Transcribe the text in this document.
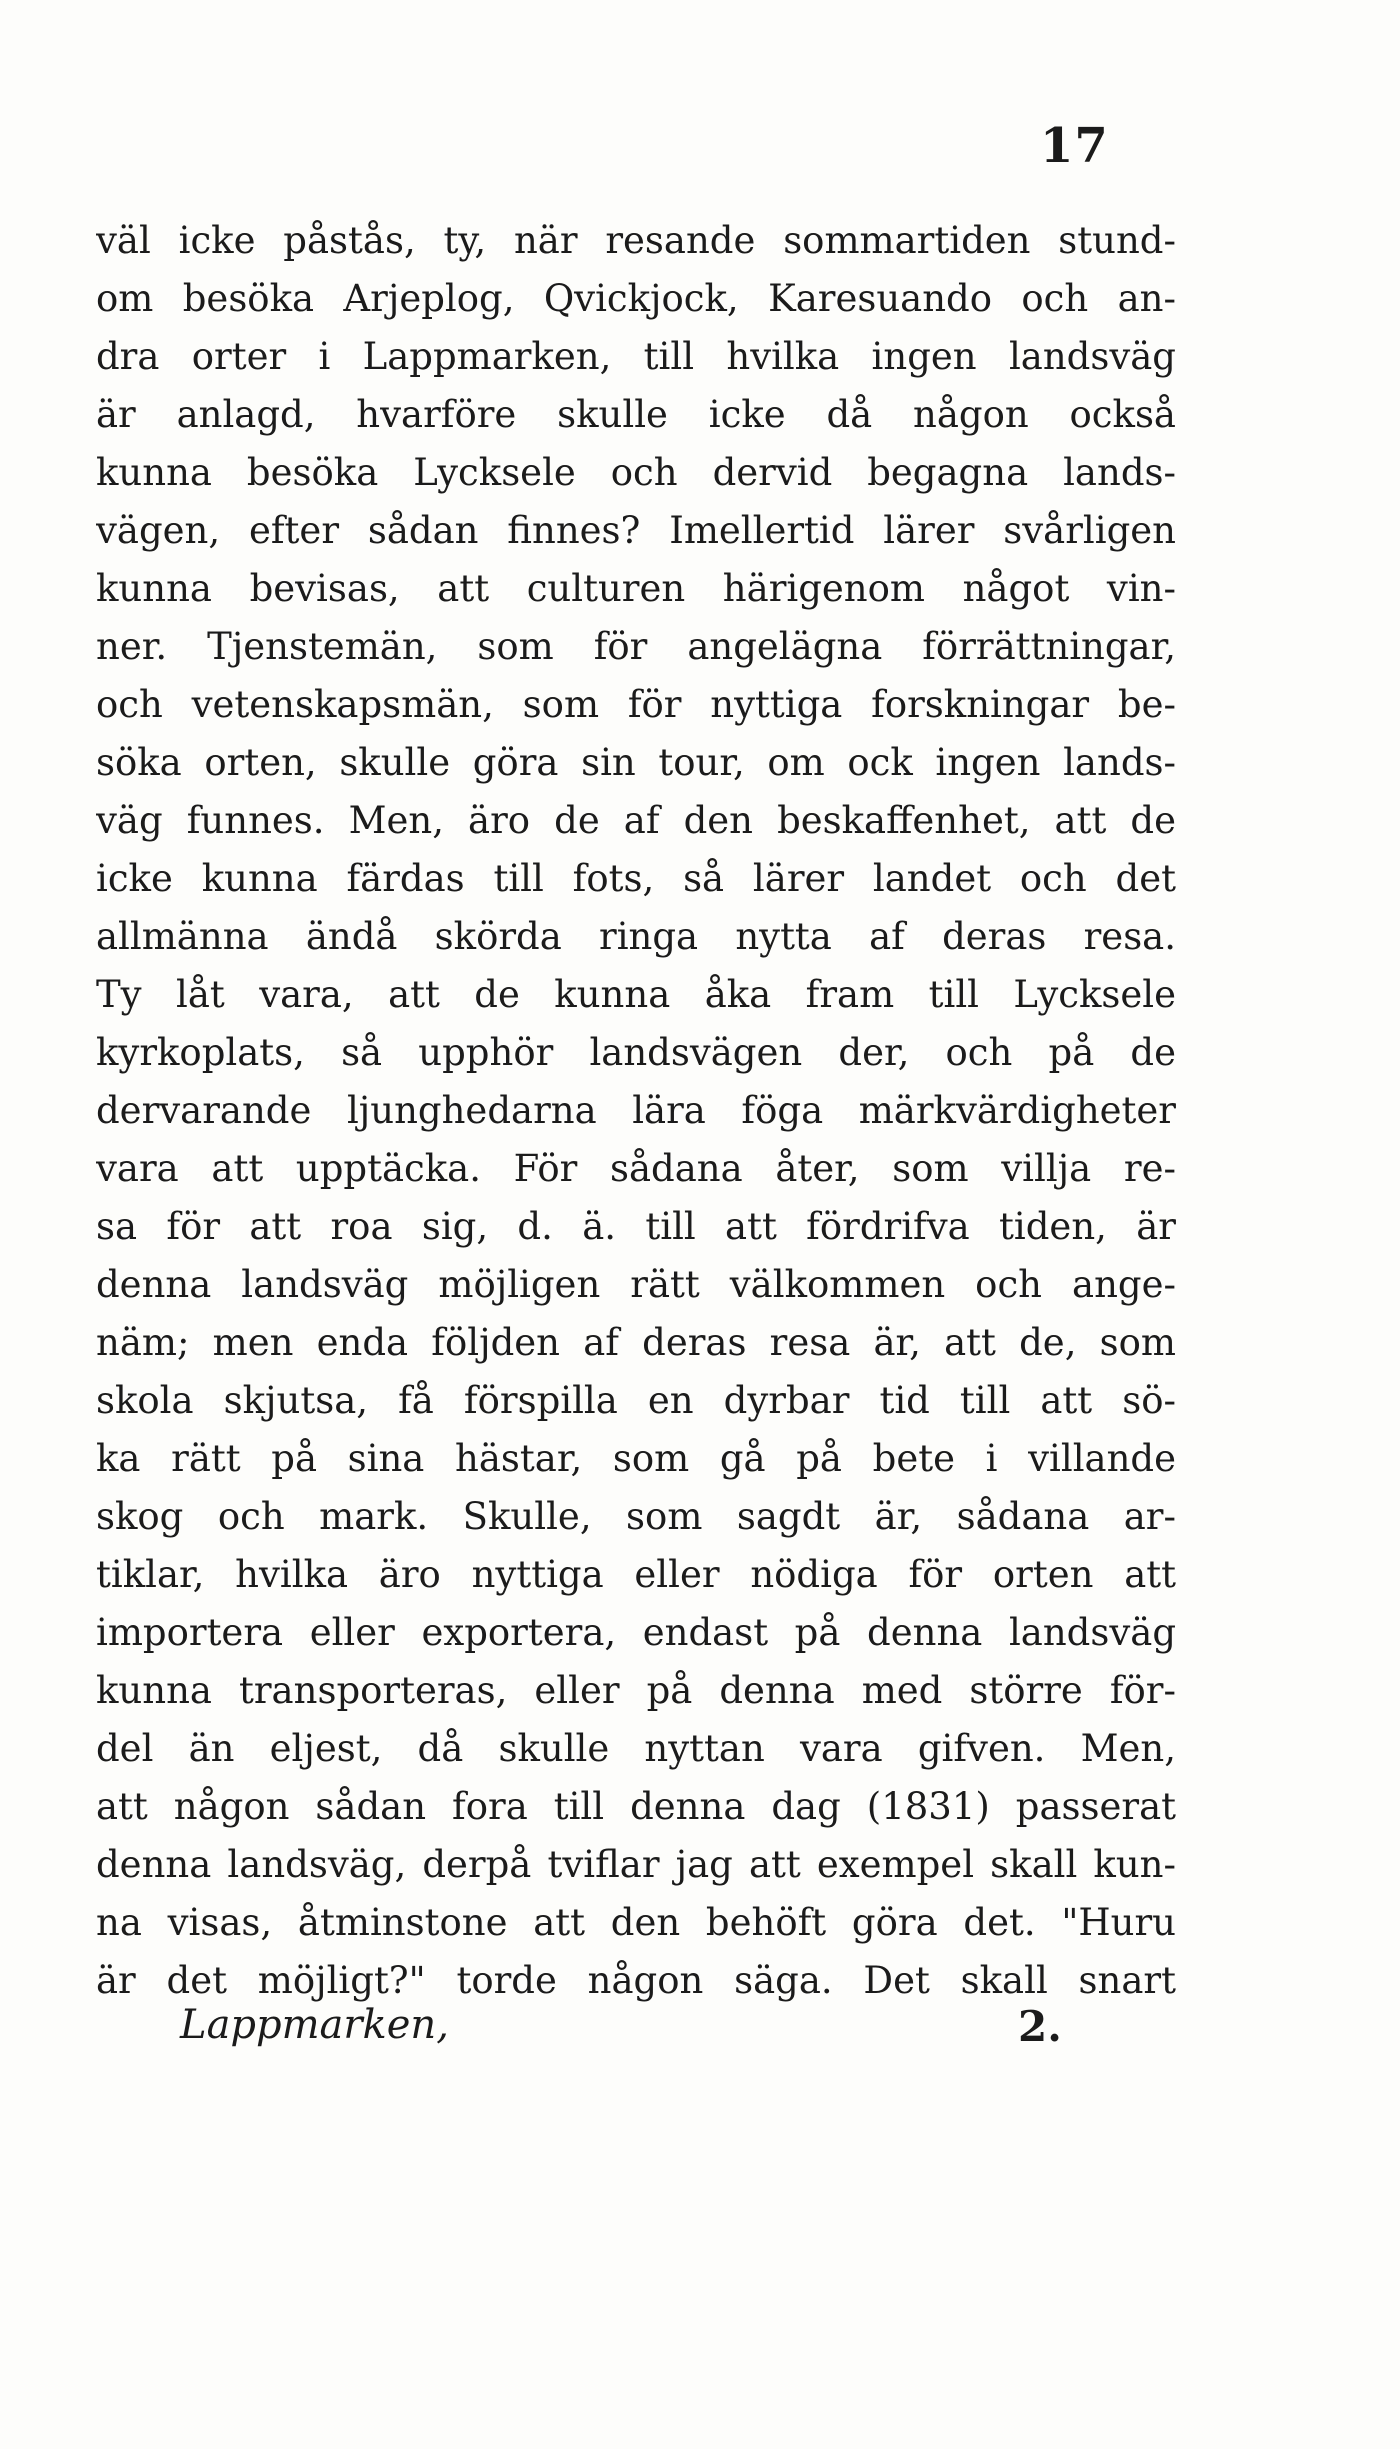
17
väl icke påstås, ty, när resande sommartiden stund-
om besöka Arjeplog, Qvickjock, Karesuando och an-
dra orter i Lappmarken, till hvilka ingen landsväg
är anlagd, hvarföre skulle icke då någon också
kunna besöka Lycksele och dervid begagna lands-
vägen, efter sådan finnes? Imellertid lärer svårligen
kunna bevisas, att culturen härigenom något vin-
ner. Tjenstemän, som för angelägna förrättningar,
och vetenskapsmän, som för nyttiga forskningar be-
söka orten, skulle göra sin tour, om ock ingen lands-
väg funnes. Men, äro de af den beskaffenhet, att de
icke kunna färdas till fots, så lärer landet och det
allmänna ändå skörda ringa nytta af deras resa.
Ty låt vara, att de kunna åka fram till Lycksele
kyrkoplats, så upphör landsvägen der, och på de
dervarande ljunghedarna lära föga märkvärdigheter
vara att upptäcka. För sådana åter, som villja re-
sa för att roa sig, d. ä. till att fördrifva tiden, är
denna landsväg möjligen rätt välkommen och ange-
näm; men enda följden af deras resa är, att de, som
skola skjutsa, få förspilla en dyrbar tid till att sö-
ka rätt på sina hästar, som gå på bete i villande
skog och mark. Skulle, som sagdt är, sådana ar-
tiklar, hvilka äro nyttiga eller nödiga för orten att
importera eller exportera, endast på denna landsväg
kunna transporteras, eller på denna med större för-
del än eljest, då skulle nyttan vara gifven. Men,
att någon sådan fora till denna dag (1831) passerat
denna landsväg, derpå tviflar jag att exempel skall kun-
na visas, åtminstone att den behöft göra det. "Huru
är det möjligt?" torde någon säga. Det skall snart
Lappmarken,	2.
